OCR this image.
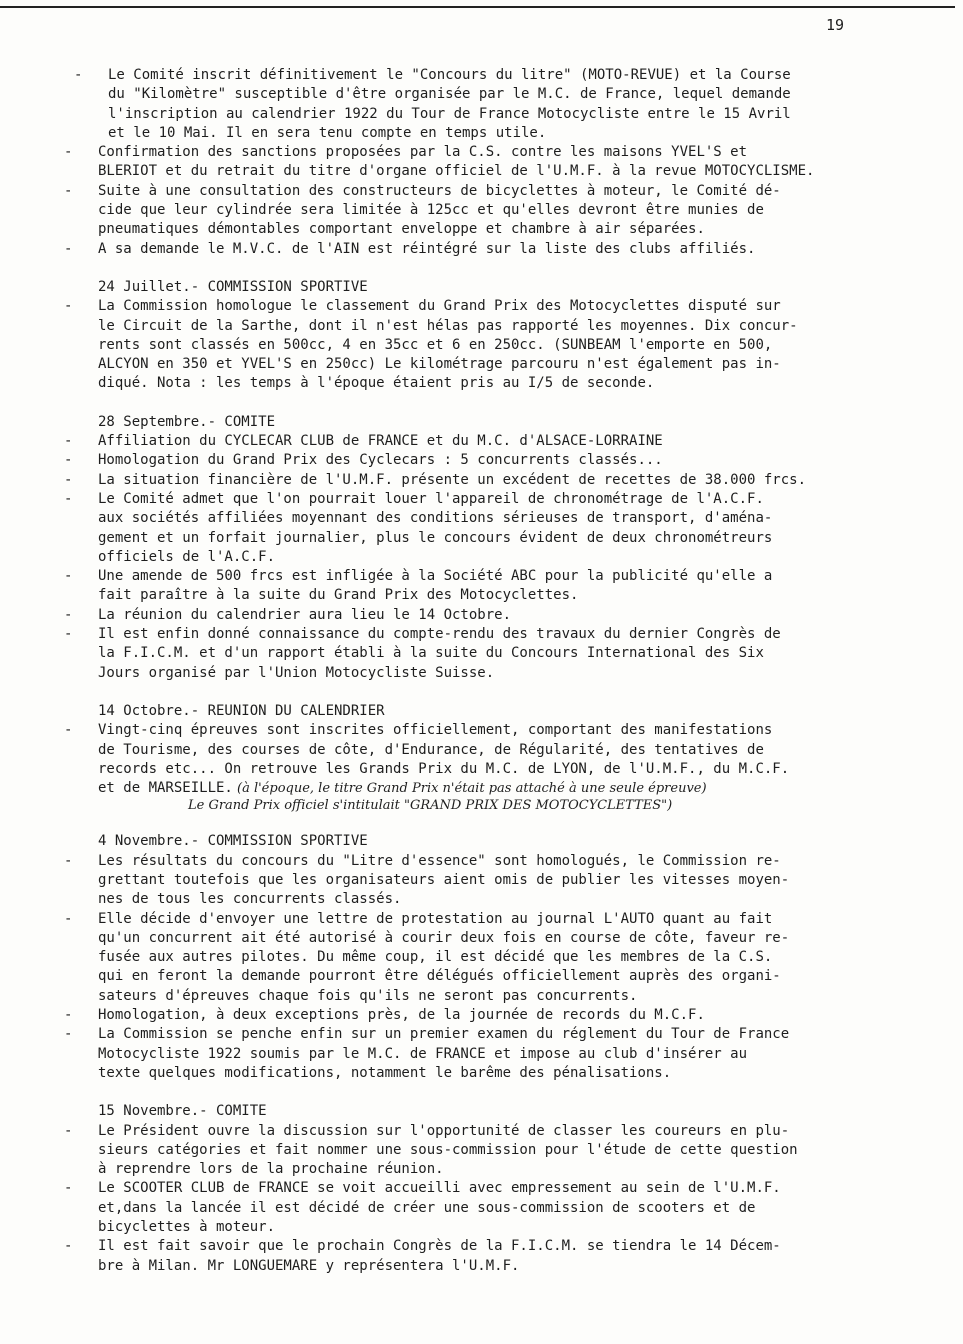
19
-	Le Comité inscrit définitivement le "Concours du litre" (MOTO-REVUE) et la Course
du "Kilomètre" susceptible d'être organisée par le M.C. de France, lequel demande
l'inscription au calendrier 1922 du Tour de France Motocycliste entre le 15 Avril
et le 10 Mai. Il en sera tenu compte en temps utile.
- Confirmation des sanctions proposées par la C.S. contre les maisons YVEL'S et
BLERIOT et du retrait du titre d'organe officiel de l'U.M.F. à la revue MOTOCYCLISME.
- Suite à une consultation des constructeurs de bicyclettes à moteur, le Comité dé-
cide que leur cylindrée sera limitée à 125cc et qu'elles devront être munies de
pneumatiques démontables comportant enveloppe et chambre à air séparées.
- A sa demande le M.V.C. de l'AIN est réintégré sur la liste des clubs affiliés.
24 Juillet.- COMMISSION SPORTIVE
- La Commission homologue le classement du Grand Prix des Motocyclettes disputé sur
le Circuit de la Sarthe, dont il n'est hélas pas rapporté les moyennes. Dix concur-
rents sont classés en 500cc, 4 en 35cc et 6 en 250cc. (SUNBEAM l'emporte en 500,
ALCYON en 350 et YVEL'S en 250cc) Le kilométrage parcouru n'est également pas in-
diqué. Nota : les temps à l'époque étaient pris au I/5 de seconde.
28 Septembre.- COMITE
- Affiliation du CYCLECAR CLUB de FRANCE et du M.C. d'ALSACE-LORRAINE
- Homologation du Grand Prix des Cyclecars : 5 concurrents classés...
- La situation financière de l'U.M.F. présente un excédent de recettes de 38.000 frcs.
- Le Comité admet que l'on pourrait louer l'appareil de chronométrage de l'A.C.F.
aux sociétés affiliées moyennant des conditions sérieuses de transport, d'aména-
gement et un forfait journalier, plus le concours évident de deux chronométreurs
officiels de l'A.C.F.
- Une amende de 500 frcs est infligée à la Société ABC pour la publicité qu'elle a
fait paraître à la suite du Grand Prix des Motocyclettes.
- La réunion du calendrier aura lieu le 14 Octobre.
- Il est enfin donné connaissance du compte-rendu des travaux du dernier Congrès de
la F.I.C.M. et d'un rapport établi à la suite du Concours International des Six
Jours organisé par l'Union Motocycliste Suisse.
14 Octobre.- REUNION DU CALENDRIER
- Vingt-cinq épreuves sont inscrites officiellement, comportant des manifestations
de Tourisme, des courses de côte, d'Endurance, de Régularité, des tentatives de
records etc... On retrouve les Grands Prix du M.C. de LYON, de l'U.M.F., du M.C.F.
et de MARSEILLE. (à l'époque, le titre Grand Prix n'était pas attaché à une seule épreuve)
Le Grand Prix officiel s'intitulait "GRAND PRIX DES MOTOCYCLETTES")
4 Novembre.- COMMISSION SPORTIVE
- Les résultats du concours du "Litre d'essence" sont homologués, le Commission re-
grettant toutefois que les organisateurs aient omis de publier les vitesses moyen-
nes de tous les concurrents classés.
- Elle décide d'envoyer une lettre de protestation au journal L'AUTO quant au fait
qu'un concurrent ait été autorisé à courir deux fois en course de côte, faveur re-
fusée aux autres pilotes. Du même coup, il est décidé que les membres de la C.S.
qui en feront la demande pourront être délégués officiellement auprès des organi-
sateurs d'épreuves chaque fois qu'ils ne seront pas concurrents.
- Homologation, à deux exceptions près, de la journée de records du M.C.F.
- La Commission se penche enfin sur un premier examen du réglement du Tour de France
Motocycliste 1922 soumis par le M.C. de FRANCE et impose au club d'insérer au
texte quelques modifications, notamment le barême des pénalisations.
15 Novembre.- COMITE
- Le Président ouvre la discussion sur l'opportunité de classer les coureurs en plu-
sieurs catégories et fait nommer une sous-commission pour l'étude de cette question
à reprendre lors de la prochaine réunion.
- Le SCOOTER CLUB de FRANCE se voit accueilli avec empressement au sein de l'U.M.F.
et,dans la lancée il est décidé de créer une sous-commission de scooters et de
bicyclettes à moteur.
- Il est fait savoir que le prochain Congrès de la F.I.C.M. se tiendra le 14 Décem-
bre à Milan. Mr LONGUEMARE y représentera l'U.M.F.
